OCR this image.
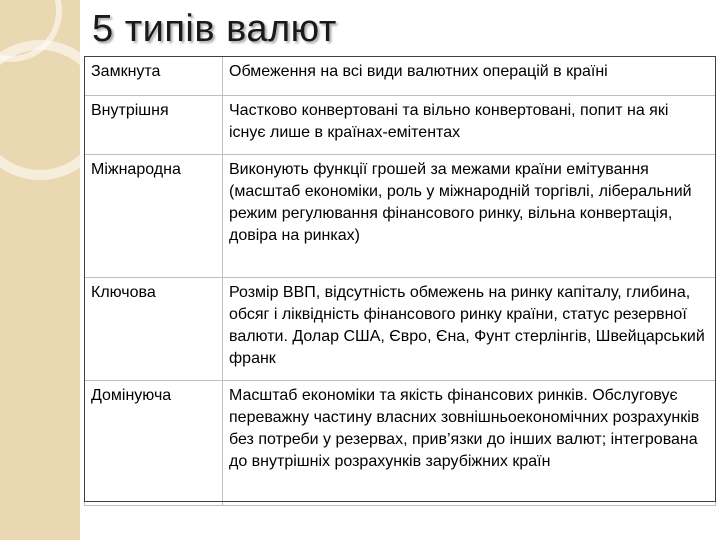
5 типів валют
Замкнута	Обмеження на всі види валютних операцій в країні
Внутрішня	Частково конвертовані та вільно конвертовані, попит на які існує лише в країнах-емітентах
Міжнародна	Виконують функції грошей за межами країни емітування (масштаб економіки, роль у міжнародній торгівлі, ліберальний режим регулювання фінансового ринку, вільна конвертація, довіра на ринках)
Ключова	Розмір ВВП, відсутність обмежень на ринку капіталу, глибина, обсяг і ліквідність фінансового ринку країни, статус резервної валюти. Долар США, Євро, Єна, Фунт стерлінгів, Швейцарський франк
Домінуюча	Масштаб економіки та якість фінансових ринків. Обслуговує переважну частину власних зовнішньоекономічних розрахунків без потреби у резервах, прив’язки до інших валют; інтегрована до внутрішніх розрахунків зарубіжних країн
